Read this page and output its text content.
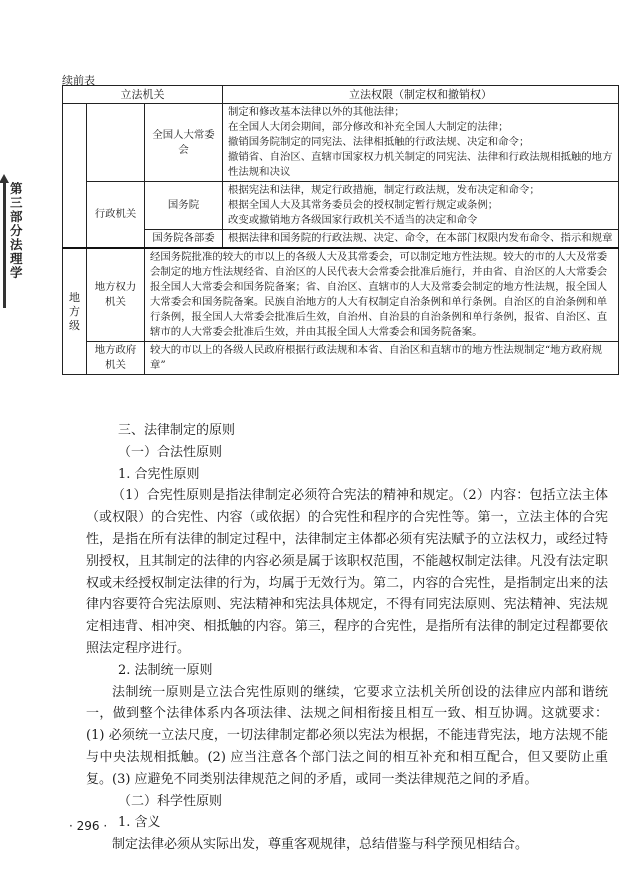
续前表
第三部分 法理学
立法机关			立法权限（制定权和撤销权）
		全国人大常委会	制定和修改基本法律以外的其他法律；
在全国人大闭会期间，部分修改和补充全国人大制定的法律；
撤销国务院制定的同宪法、法律相抵触的行政法规、决定和命令；
撤销省、自治区、直辖市国家权力机关制定的同宪法、法律和行政法规相抵触的地方性法规和决议

	行政机关	国务院	根据宪法和法律，规定行政措施，制定行政法规，发布决定和命令；
根据全国人大及其常务委员会的授权制定暂行规定或条例；
改变或撤销地方各级国家行政机关不适当的决定和命令

		国务院各部委	根据法律和国务院的行政法规、决定、命令，在本部门权限内发布命令、指示和规章

地方级	地方权力机关	经国务院批准的较大的市以上的各级人大及其常委会，可以制定地方性法规。较大的市的人大及常委会制定的地方性法规经省、自治区的人民代表大会常委会批准后施行，并由省、自治区的人大常委会报全国人大常委会和国务院备案；省、自治区、直辖市的人大及常委会制定的地方性法规，报全国人大常委会和国务院备案。民族自治地方的人大有权制定自治条例和单行条例。自治区的自治条例和单行条例，报全国人大常委会批准后生效，自治州、自治县的自治条例和单行条例，报省、自治区、直辖市的人大常委会批准后生效，并由其报全国人大常委会和国务院备案。	
	地方政府机关	较大的市以上的各级人民政府根据行政法规和本省、自治区和直辖市的地方性法规制定“地方政府规章”	

三、法律制定的原则

（一）合法性原则

1. 合宪性原则

（1）合宪性原则是指法律制定必须符合宪法的精神和规定。（2）内容：包括立法主体（或权限）的合宪性、内容（或依据）的合宪性和程序的合宪性等。第一，立法主体的合宪性，是指在所有法律的制定过程中，法律制定主体都必须有宪法赋予的立法权力，或经过特别授权，且其制定的法律的内容必须是属于该职权范围，不能越权制定法律。凡没有法定职权或未经授权制定法律的行为，均属于无效行为。第二，内容的合宪性，是指制定出来的法律内容要符合宪法原则、宪法精神和宪法具体规定，不得有同宪法原则、宪法精神、宪法规定相违背、相冲突、相抵触的内容。第三，程序的合宪性，是指所有法律的制定过程都要依照法定程序进行。

2. 法制统一原则

法制统一原则是立法合宪性原则的继续，它要求立法机关所创设的法律应内部和谐统一，做到整个法律体系内各项法律、法规之间相衔接且相互一致、相互协调。这就要求：(1) 必须统一立法尺度，一切法律制定都必须以宪法为根据，不能违背宪法，地方法规不能与中央法规相抵触。(2) 应当注意各个部门法之间的相互补充和相互配合，但又要防止重复。(3) 应避免不同类别法律规范之间的矛盾，或同一类法律规范之间的矛盾。

（二）科学性原则

1. 含义

制定法律必须从实际出发，尊重客观规律，总结借鉴与科学预见相结合。

· 296 ·
